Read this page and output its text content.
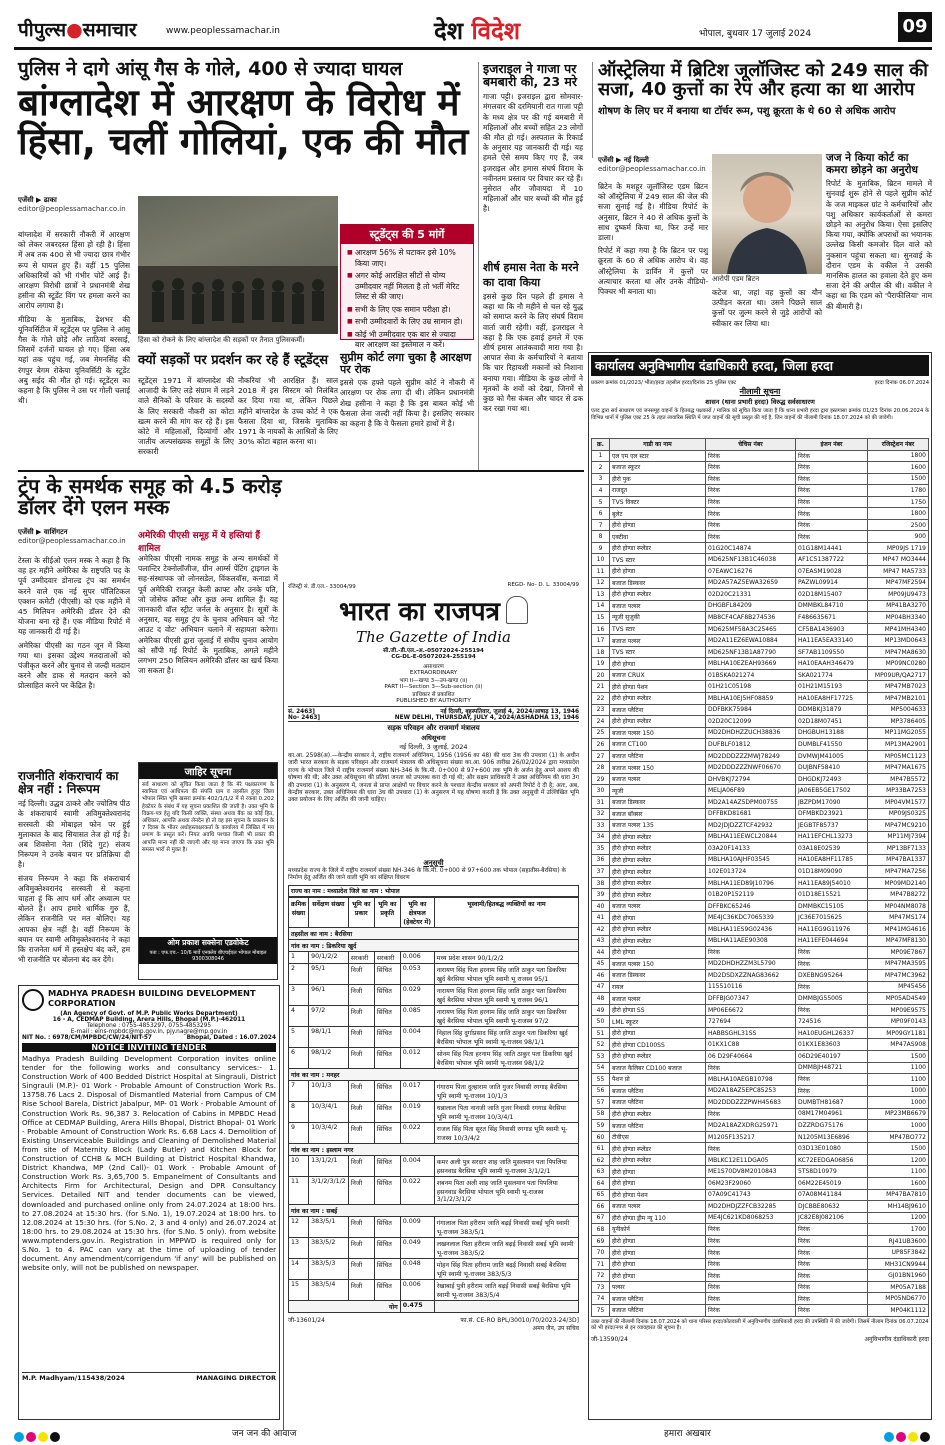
पीपुल्स●समाचार	www.peoplessamachar.in	देश विदेश	भोपाल, बुधवार 17 जुलाई 2024	09
पुलिस ने दागे आंसू गैस के गोले, 400 से ज्यादा घायल
बांग्लादेश में आरक्षण के विरोध में हिंसा, चलीं गोलियां, एक की मौत
एजेंसी ▶ ढाका
editor@peoplessamachar.co.in
हिंसा को रोकने के लिए बांग्लादेश की सड़कों पर तैनात पुलिसकर्मी।
स्टूडेंट्स की 5 मांगें
■ आरक्षण 56% से घटाकर इसे 10% किया जाए।
■ अगर कोई आरक्षित सीटों से योग्य उम्मीदवार नहीं मिलता है तो भर्ती मेरिट लिस्ट से की जाए।
■ सभी के लिए एक समान परीक्षा हो।
■ सभी उम्मीदवारों के लिए उम्र सामान हो।
■ कोई भी उम्मीदवार एक बार से ज्यादा बार आरक्षण का इस्तेमाल न करें।

बांग्लादेश में सरकारी नौकरी में आरक्षण को लेकर जबरदस्त हिंसा हो रही है। हिंसा में अब तक 400 से भी ज्यादा छात्र गंभीर रूप से घायल हुए हैं। वहीं 15 पुलिस अधिकारियों को भी गंभीर चोटें आई हैं। आरक्षण विरोधी छात्रों ने प्रधानमंत्री शेख हसीना की स्टूडेंट विंग पर हमला करने का आरोप लगाया है।

मीडिया के मुताबिक, ढेशभर की यूनिवर्सिटीज में स्टूडेंट्स पर पुलिस ने आंसू गैस के गोले छोड़े और लाठियां बरसाई, जिसमें दर्जनों घायल हो गए। हिंसा अब यहां तक पहुंच गई, जब मेमनसिंह की रंगपुर बेगम रोकेया यूनिवर्सिटी के स्टूडेंट अबु सईद की मौत हो गई। स्टूडेंट्स का कहना है कि पुलिस ने उस पर गोली चलाई थी।

क्यों सड़कों पर प्रदर्शन कर रहे हैं स्टूडेंट्स
स्टूडेंट्स 1971 में बांग्लादेश की आजादी के लिए लड़े संग्राम में लड़ने वाले सैनिकों के परिवार के सदस्यों के लिए सरकारी नौकरी का कोटा खत्म करने की मांग कर रहे हैं। इस कोटे में महिलाओं, दिव्यांगों और जातीय अल्पसंख्यक समूहों के लिए सरकारी
नौकरियां भी आरक्षित हैं। साल 2018 में इस सिस्टम को निलंबित कर दिया गया था, लेकिन पिछले महीने बांग्लादेश के उच्च कोर्ट ने एक फैसला दिया था, जिसके मुताबिक 1971 के नायकों के आश्रितों के लिए 30% कोटा बहाल करना था।
इजराइल ने गाजा पर बमबारी की, 23 मरे
गाजा पट्टी। इजराइल द्वारा सोमवार-मंगलवार की दरमियानी रात गाजा पट्टी के मध्य क्षेत्र पर की गई बमबारी में महिलाओं और बच्चों सहित 23 लोगों की मौत हो गई। अस्पताल के रिकार्ड के अनुसार यह जानकारी दी गई। यह हमले ऐसे समय किए गए हैं, जब इजराइल और हमास संघर्ष विराम के नवीनतम प्रस्ताव पर विचार कर रहे हैं। नुसेरात और जौवायदा में 10 महिलाओं और चार बच्चों की मौत हुई है।
शीर्ष हमास नेता के मरने का दावा किया
इससे कुछ दिन पहले ही हमास ने कहा था कि नौ महीने से चल रहे युद्ध को समाप्त करने के लिए संघर्ष विराम वार्ता जारी रहेगी। वहीं, इजराइल ने कहा है कि एक हवाई हमले में एक शीर्ष हमास आतंकवादी मारा गया है। आपात सेवा के कर्मचारियों ने बताया कि चार रिहायशी मकानों को निशाना बनाया गया। मीडिया के कुछ लोगों ने मृतकों के शवों को देखा, जिनमें से कुछ को गैस कंबल और चादर से ढक कर रखा गया था।
सुप्रीम कोर्ट लगा चुका है आरक्षण पर रोक
इससे एक हफ्ते पहले सुप्रीम कोर्ट ने नौकरी में आरक्षण पर रोक लगा दी थी। लेकिन प्रधानमंत्री शेख हसीना ने कहा है कि इस बाबत कोई भी फैसला लेना जल्दी नहीं किया है। इसलिए सरकार का कहना है कि वे फैसला हमारे हाथों में है।
ऑस्ट्रेलिया में ब्रिटिश जूलॉजिस्ट को 249 साल की सजा, 40 कुत्तों का रेप और हत्या का था आरोप
शोषण के लिए घर में बनाया था टॉर्चर रूम, पशु क्रूरता के थे 60 से अधिक आरोप
एजेंसी ▶ नई दिल्ली
editor@peoplessamachar.co.in
आरोपी एडम ब्रिटन

ब्रिटेन के मशहूर जूलॉजिस्ट एडम ब्रिटन को ऑस्ट्रेलिया में 249 साल की जेल की सजा सुनाई गई है। मीडिया रिपोर्ट के अनुसार, ब्रिटन ने 40 से अधिक कुत्तों के साथ दुष्कर्म किया था, फिर उन्हें मार डाला।

रिपोर्ट में कहा गया है कि ब्रिटन पर पशु क्रूरता के 60 से अधिक आरोप थे। वह ऑस्ट्रेलिया के डार्विन में कुत्तों पर अत्याचार करता था और उनके वीडियो-पिक्चर भी बनाता था।	कटेज था, जहां वह कुत्तों का यौन उत्पीड़न करता था। उसने पिछले साल कुत्तों पर जुल्म करने से जुड़े आरोपों को स्वीकार कर लिया था।
जज ने किया कोर्ट का कमरा छोड़ने का अनुरोध
रिपोर्ट के मुताबिक, ब्रिटन मामले में सुनवाई शुरू होने से पहले सुप्रीम कोर्ट के जज माइकल ग्रांट ने कर्मचारियों और पशु अधिकार कार्यकर्ताओं से कमरा छोड़ने का अनुरोध किया। ऐसा इसलिए किया गया, क्योंकि अपराधों का भयानक उल्लेख किसी कमजोर दिल वाले को नुकसान पहुंचा सकता था। सुनवाई के दौरान एडम के वकील ने उसकी मानसिक हालत का हवाला देते हुए कम सजा देने की अपील की थी। वकील ने कहा था कि एडम को 'पैराफीलिया' नाम की बीमारी है।
ट्रंप के समर्थक समूह को 4.5 करोड़ डॉलर देंगे एलन मस्क
एजेंसी ▶ वाशिंगटन
editor@peoplessamachar.co.in

टेस्ला के सीईओ एलन मस्क ने कहा है कि वह हर महीने अमेरिका के राष्ट्रपति पद के पूर्व उम्मीदवार डोनाल्ड ट्रंप का समर्थन करने वाले एक नई सुपर पॉलिटिकल एक्शन कमेटी (पीएसी) को एक महीने में 45 मिलियन अमेरिकी डॉलर देने की योजना बना रहे हैं। एक मीडिया रिपोर्ट में यह जानकारी दी गई है।

अमेरिका पीएसी का गठन जून में किया गया था। इसका उद्देश्य मतदाताओं को पंजीकृत करने और चुनाव से जल्दी मतदान करने और डाक से मतदान करने को प्रोत्साहित करने पर केंद्रित है।

अमेरिकी पीएसी समूह में ये हस्तियां हैं शामिल
अमेरिका पीएसी नामक समूह के अन्य समर्थकों में पलान्टिर टेक्नोलॉजीज, ग्रीन आर्म्स पेंटिंग ट्राइगल के सह-संस्थापक जो लोनसडेल, विंकलवॉस, कनाडा में पूर्व अमेरिकी राजदूत केली क्राफ्ट और उनके पति, जो जोसेफ क्रॉफ्ट और कुछ अन्य शामिल हैं। यह जानकारी वॉल स्ट्रीट जर्नल के अनुसार है। सूत्रों के अनुसार, यह समूह ट्रंप के चुनाव अभियान को 'गेट आउट द वोट' अभियान चलाने में सहायता करेगा। अमेरिका पीएसी द्वारा जुलाई में संघीय चुनाव आयोग को सौंपी गई रिपोर्ट के मुताबिक, अगले महीने लगभग 250 मिलियन अमेरिकी डॉलर का खर्च किया जा सकता है।
राजनीति शंकराचार्य का क्षेत्र नहीं : निरूपम

नई दिल्ली। उद्धव ठाकरे और ज्योतिष पीठ के शंकराचार्य स्वामी अविमुक्तेश्वरानंद सरस्वती की मोबाइल फोन पर हुई मुलाकात के बाद सियासत तेज हो गई है। अब शिवसेना नेता (शिंदे गुट) संजय निरूपम ने उनके बयान पर प्रतिक्रिया दी है।

संजय निरूपम ने कहा कि शंकराचार्य अविमुक्तेश्वरानंद सरस्वती से कहना चाहता हूं कि आप धर्म और अध्यात्म पर बोलते हैं। आप हमारे धार्मिक गुरु हैं, लेकिन राजनीति पर मत बोलिए। यह आपका क्षेत्र नहीं है। वहीं निरूपम के बयान पर स्वामी अविमुक्तेश्वरानंद ने कहा कि राजनेता धर्म में हस्तक्षेप बंद करें, हम भी राजनीति पर बोलना बंद कर देंगे।

जाहिर सूचना
सर्व साधारण को सूचित किया जाता है कि मेरे पक्षकारगण के स्वामित्व एवं आधिपत्य की संपत्ति ग्राम व तहसील हुजूर जिला भोपाल स्थित भूमि खसरा क्रमांक 402/1/1/2 में से रकबा 0.202 हेक्टेयर के संबंध में यह सूचना प्रकाशित की जाती है। उक्त भूमि के विक्रय-पत्र हेतु यदि किसी व्यक्ति, संस्था अथवा बैंक का कोई हित, अधिकार, आपत्ति अथवा लेनदेन हो तो वह इस सूचना के प्रकाशन के 7 दिवस के भीतर अधोहस्ताक्षरकर्ता के कार्यालय में लिखित में मय प्रमाण के प्रस्तुत करें। नियत अवधि पश्चात किसी भी प्रकार की आपत्ति मान्य नहीं की जाएगी और यह माना जाएगा कि उक्त भूमि समस्त भारों से मुक्त है।
ओम प्रकाश सक्सेना एडवोकेट
पता : एफ.एच.- 10/6 मार्वे एनक्लेव बीएचईएल भोपाल मोबाइल 9300308046
MADHYA PRADESH BUILDING DEVELOPMENT CORPORATION
(An Agency of Govt. of M.P. Public Works Department)
16 - A, CEDMAP Building, Arera Hills, Bhopal (M.P.)-462011
Telephone : 0755-4853297, 0755-4853295
E-mail : eins-mpbdc@mp.gov.in, pjy.nagre@mp.gov.in
NIT No. : 6978/CM/MPBDC/CW/24/NIT-57	Bhopal, Dated : 16.07.2024
NOTICE INVITING TENDER
Madhya Pradesh Building Development Corporation invites online tender for the following works and consultancy services:- 1. Construction Work of 400 Bedded District Hospital at Singrauli, District Singrauli (M.P.)- 01 Work - Probable Amount of Construction Work Rs. 13758.76 Lacs 2. Disposal of Dismantled Material from Campus of CM Rise School Barela, District Jabalpur, MP- 01 Work - Probable Amount of Construction Work Rs. 96,387 3. Relocation of Cabins in MPBDC Head Office at CEDMAP Building, Arera Hills Bhopal, District Bhopal- 01 Work - Probable Amount of Construction Work Rs. 6.68 Lacs 4. Demolition of Existing Unserviceable Buildings and Cleaning of Demolished Material from site of Maternity Block (Lady Butler) and Kitchen Block for Construction of CCHB & MCH Building at District Hospital Khandwa, District Khandwa, MP (2nd Call)- 01 Work - Probable Amount of Construction Work Rs. 3,65,700 5. Empanelment of Consultants and Architects Firm for Architectural, Design and DPR Consultancy Services. Detailed NIT and tender documents can be viewed, downloaded and purchased online only from 24.07.2024 at 18:00 hrs. to 27.08.2024 at 15:30 hrs. (for S.No. 1), 19.07.2024 at 18:00 hrs. to 12.08.2024 at 15:30 hrs. (for S.No. 2, 3 and 4 only) and 26.07.2024 at 18:00 hrs. to 29.08.2024 at 15:30 hrs. (for S.No. 5 only). from website www.mptenders.gov.in. Registration in MPPWD is required only for S.No. 1 to 4. PAC can vary at the time of uploading of tender document. Any amendment/corrigendum 'if any' will be published on website only, will not be published on newspaper.
M.P. Madhyam/115438/2024	MANAGING DIRECTOR
रजिस्ट्री सं. डी.एल.- 33004/99	REGD- No- D. L. 33004/99
भारत का राजपत्र
The Gazette of India
सी.जी.-डी.एल.-अ.-05072024-255194
CG-DL-E-05072024-255194
असाधारण
EXTRAORDINARY
भाग II—खण्ड 3—उप-खण्ड (ii)
PART II—Section 3—Sub-section (ii)
प्राधिकार से प्रकाशित
PUBLISHED BY AUTHORITY
सं. 2463]	नई दिल्ली, बृहस्पतिवार, जुलाई 4, 2024/आषाढ़ 13, 1946
No- 2463]	NEW DELHI, THURSDAY, JULY 4, 2024/ASHADHA 13, 1946
सड़क परिवहन और राजमार्ग मंत्रालय
अधिसूचना
नई दिल्ली, 3 जुलाई, 2024
का.आ. 2598(अ).—केन्द्रीय सरकार ने, राष्ट्रीय राजमार्ग अधिनियम, 1956 (1956 का 48) की धारा 3क की उपधारा (1) के अधीन जारी भारत सरकार के सड़क परिवहन और राजमार्ग मंत्रालय की अधिसूचना संख्या का.आ. 906 तारीख 26/02/2024 द्वारा मध्यप्रदेश राज्य के भोपाल जिले में राष्ट्रीय राजमार्ग संख्या NH-346 के कि.मी. 0+000 से 97+600 तक भूमि के अर्जन हेतु अपने आशय की घोषणा की थी; और उक्त अधिसूचना की प्रतियां जनता को उपलब्ध करा दी गई थी; और सक्षम प्राधिकारी ने उक्त अधिनियम की धारा 3ग की उपधारा (1) के अनुसरण में, जनता से प्राप्त आक्षेपों पर विचार करने के पश्चात केन्द्रीय सरकार को अपनी रिपोर्ट दे दी है; अतः, अब, केन्द्रीय सरकार, उक्त अधिनियम की धारा 3घ की उपधारा (1) के अनुसरण में यह घोषणा करती है कि उक्त अनुसूची में उल्लिखित भूमि उक्त प्रयोजन के लिए अर्जित की जानी चाहिए।
अनुसूची
मध्यप्रदेश राज्य के जिले में राष्ट्रीय राजमार्ग संख्या NH-346 के कि.मी. 0+000 से 97+600 तक भोपाल (सहातीस-बैरसिया) के निर्माण हेतु अर्जित की जाने वाली भूमि का संक्षिप्त विवरण
राज्य का नाम : मध्यप्रदेश जिले का नाम : भोपाल
क्रमिक संख्या	सर्वेक्षण संख्या	भूमि का प्रकार	भूमि का प्रकृति	भूमि का क्षेत्रफल (हेक्टेयर में)	भूस्वामी/हितबद्ध व्यक्तियों का नाम
तहसील का नाम : बैरसिया					
गांव का नाम : डिकरिया खुर्द					
1	90/1/2/2	सरकारी	सरकारी	0.006	मध्य प्रदेश शासन 90/1/2/2
2	95/1	निजी	सिंचित	0.053	नारायण सिंह पिता हरनाम सिंह जाति ठाकुर पता डिकरिया खुर्द बैरसिया भोपाल भूमि स्वामी भू राजस्व 95/1
3	96/1	निजी	सिंचित	0.029	नारायण सिंह पिता हरनाम सिंह जाति ठाकुर पता डिकरिया खुर्द बैरसिया भोपाल भूमि स्वामी भू राजस्व 96/1
4	97/2	निजी	सिंचित	0.085	नारायण सिंह पिता हरनाम सिंह जाति ठाकुर पता डिकरिया खुर्द बैरसिया भोपाल भूमि स्वामी भू-राजस्व 97/2
5	98/1/1	निजी	सिंचित	0.004	निहाल सिंह दुर्गाप्रसाद सिंह जाति ठाकुर पता डिकरिया खुर्द बैरसिया भोपाल भूमि स्वामी भू-राजस्व 98/1/1
6	98/1/2	निजी	सिंचित	0.012	सोनम सिंह पिता हरनाम सिंह जाति ठाकुर पता डिकरिया खुर्द बैरसिया भोपाल भूमि स्वामी भू-राजस्व 98/1/2
गांव का नाम : मनहर					
7	10/1/3	निजी	सिंचित	0.017	गंगाराम पिता दुल्हाराम जाति गुजर निवासी रगगाइ बैरसिया भूमि स्वामी भू-राजस्व 10/1/3
8	10/3/4/1	निजी	सिंचित	0.019	धन्नालाल पिता नानजी जाति गुजर निवासी रगगाड बैरसिया भूमि स्वामी भू-राजस्व 10/3/4/1
9	10/3/4/2	निजी	सिंचित	0.022	राजल सिंह पिता सूरत सिंह निवासी रगगाड भूमि स्वामी भू-राजस्व 10/3/4/2
गांव का नाम : इस्लाम नगर					
10	13/1/2/1	निजी	सिंचित	0.004	कमर अली पुत्र सरदार शाह जाति मुसलमान पता पिपलिया हसनवाड बैरसिया भूमि स्वामी भू-राजस्व 3/1/2/1
11	3/1/2/3/1/2	निजी	सिंचित	0.022	शबनम पिता अली शाह जाति मुसलमान पता पिपलिया हसनवाड बैरसिया भोपाल भूमि स्वामी भू-राजस्व 3/1/2/3/1/2
गांव का नाम : सबई					
12	383/5/1	निजी	सिंचित	0.009	गंगालाल पिता हरीराम जाति बढ़ई निवासी सबई भूमि स्वामी भू-राजस्व 383/5/1
13	383/5/2	निजी	सिंचित	0.049	लखनलाल पिता हरीराम जाति बढ़ई निवासी सबई भूमि स्वामी भू-राजस्व 383/5/2
14	383/5/3	निजी	सिंचित	0.048	मोहन सिंह पिता हरीराम जाति बढ़ई निवासी सबई बैरसिया भूमि स्वामी भू-राजस्व 383/5/3
15	383/5/4	निजी	सिंचित	0.006	रेखाबाई पुत्री हरीराम जाति बढ़ई निवासी सबई बैरसिया भूमि स्वामी भू-राजस्व 383/5/4
योग				0.475	
जी-13601/24	फा.सं. CE-RO BPL/30010/70/2023-24/3D]
अमय जैन, उप सचिव
कार्यालय अनुविभागीय दंडाधिकारी हरदा, जिला हरदा
प्रकरण क्रमांक 01/2023/ भीता/हरदा तहसील हरदा/दिनांक 25 पुलिस एक्ट	हरदा दिनांक 06.07.2024
नीलामी सूचना
शासन (थाना प्रभारी हरदा) विरुद्ध सर्वसाधारण
एतद द्वारा सर्व साधारण एवं जनसमूह वाहनों के हितबद्ध पक्षकारों / मालिक को सूचित किया जाता है कि थाना प्रभारी हरदा द्वारा इस्तगासा क्रमांक 01/23 दिनांक 20.06.2024 के विभिन्न थानों में पुलिस एक्ट 25 के तहत लावारिस स्थिति में जप्त वाहनों की सूची प्रस्तुत की गई है, जिन वाहनों की नीलामी दिनांक 18.07.2024 को की जावेगी।
क्र.	गाडी का नाम	चेचिस नंबर	इंजन नंबर	रजिस्ट्रेशन नंबर
1	एल एम एल स्टार	निरंक	निरंक	1800
2	बजाज स्कूटर	निरंक	निरंक	1600
3	हीरो पुक	निरंक	निरंक	1500
4	राजदूत	निरंक	निरंक	1780
5	TVS विक्टर	निरंक	निरंक	1750
6	बुलेट	निरंक	निरंक	1800
7	हीरो होण्डा	निरंक	निरंक	2500
8	एक्टीवा	निरंक	निरंक	900
9	हीरो होण्डा स्प्लेंडर	01G20C14874	01G18M14441	MP09JS 1719
10	TVS स्टार	MD625NF13B1C46038	AF1C51387722	MP47 MO3444
11	हीरो होण्डा	07EAWC16276	07EASM19028	MP47 MA5733
12	बजाज डिस्कवर	MD2A57AZ5EWA32659	PAZWL09914	MP47MF2594
13	हीरो होण्डा स्प्लेंडर	02D20C21331	02D18M15407	MP09JU9473
14	बजाज पल्सर	DHGBFL84209	DMMBKL84710	MP41BA3270
15	न्यूजी सुजुकी	MB8CF4CAF8B274536	F486635671	MP04BH3340
16	TVS स्टार	MD625MF58A3C25465	CF5BA1436903	MP41MH4340
17	बजाज पल्सर	MD2A11EZ6EWA10884	HA11EA5EA33140	MP13MD0643
18	TVS स्टार	MD625NF13B1A87790	SF7AB1109550	MP47MA8630
19	हीरो होण्डा	MBLHA10EZEAH93669	HA10EAAH346479	MP09NC0280
20	बजाज CRUX	01BSKA021274	SKA021774	MP09UR/QA2717
21	हीरो होण्डा पेशन	01H21C05198	01H21M15193	MP47MB7023
22	हीरो होण्डा स्प्लेंडर	MBLHA10EJ5HF08859	HA10EA8HF17725	MP47MB2101
23	बजाज प्लैटिना	DDFBKK75984	DDMBKJ31879	MP5004633
24	हीरो होण्डा स्प्लेंडर	02D20C12099	02D18M07451	MP3786405
25	बजाज पल्सर 150	MD2DHDHZZUCH38836	DHGBUH13188	MP11MG2055
26	बजाज CT100	DUFBLF01812	DUMBLF41550	MP13MA2901
27	बजाज प्लैटिना	MD2DDDZZZMWJ78249	DVMWJM41005	MP05MC1123
28	बजाज पल्सर 150	MD2DDDZZZNWF06670	DUJBNF58410	MP47MA1675
29	बजाज पल्सर	DHVBKJ72794	DHGDKJ72493	MP47B5572
30	न्यूजी	MELJA06F89	JA06EB5GE17502	MP33BA7253
31	बजाज डिस्कवर	MD2A14AZ5DPM00755	JBZPDM17090	MP04VM1577
32	बजाज बॉक्सर	DFFBKD81681	DFMBKD23921	MP09JS0325
33	बजाज पल्सर 135	MD2JDJDZZTCF42932	JEGBTF85737	MP47MC9210
34	हीरो होण्डा स्प्लेंडर	MBLHA11EEWCL20844	HA11EFCHL13273	MP11MJ7394
35	हीरो होण्डा स्प्लेंडर	03A20F14133	03A18E02539	MP13BF7133
36	हीरो होण्डा स्प्लेंडर	MBLHA10AJHF03545	HA10EA8HF11785	MP47BA1337
37	हीरो होण्डा स्प्लेंडर	102E013724	01D18M09090	MP47MA7256
38	हीरो होण्डा स्प्लेंडर	MBLHA11ED89J10796	HA11EA89J54010	MP09MD2140
39	हीरो होण्डा स्प्लेंडर	01B20P152119	01D18E15521	MP47B8272
40	बजाज पल्सर	DFFBKC65246	DMMBKC15105	MP04NM8078
41	हीरो होण्डा	ME4JC36KDC7065339	JC36E7015625	MP47MS174
42	हीरो होण्डा स्प्लेंडर	MBLHA11ES9G02436	HA11EG9G11976	MP41MG4616
43	हीरो होण्डा स्प्लेंडर	MBLHA11AEE90308	HA11EFE044694	MP47MF8130
44	हीरो होण्डा	निरंक	निरंक	MP09E7867
45	बजाज पल्सर 150	MD2DHDHZZM3L5790	निरंक	MP47MA3595
46	बजाज डिस्कवर	MD2DSDXZZNAG83662	DXEBNG95264	MP47MC3962
47	रायल	115510116	निरंक	MP45456
48	बजाज पल्सर	DFFBJG07347	DMMBJG55005	MP05AD4549
49	हीरो होण्डा SS	MP06E6672	निरंक	MP09E9575
50	LML स्कूटर	727694	724516	MP09F0143
51	हीरो होण्डा	HABBSGHL31SS	HA10EUGHL26337	MP09GY1181
52	हीरो होण्डा CD100SS	01KX1C88	01KX1E83603	MP47AS908
53	हीरो होण्डा स्प्लेंडर	06 D29F40664	06D29E40197	1500
54	बजाज कैलिबर CD100 बजाज	निरंक	DMMBJH48721	1100
55	पैशन प्रो	MBLHA10AEGB10798	निरंक	1100
56	बजाज प्लैटिना	MD2A18AZ5EPC85253	निरंक	1000
57	बजाज प्लैटिना	MD2DDDZZZPWH45683	DUMBTH81687	1000
58	हीरो होण्डा स्प्लेंडर	निरंक	08M17M04961	MP23MB6679
59	बजाज प्लैटिना	MD2A18AZXDRG25971	DZZRDG75176	1000
60	टीवीएस	M1205F135217	N1205M13E6896	MP47BO772
61	हीरो होण्डा स्प्लेंडर	निरंक	03D13E01080	1500
62	हीरो होण्डा स्प्लेंडर	MBLKC12E11DGA05	KC72EEDGA06856	1200
63	हीरो होण्डा	ME1S70DV8M2010843	5TS8D10979	1100
64	हीरो होण्डा	06M23F29060	06M22E45019	1600
65	हीरो होण्डा पेशन	07A09C41743	07A08M41184	MP47BA7810
66	बजाज पल्सर	MD2DHDJZZFCB32285	DJCBBE80632	MH14BJ9610
67	हीरो होण्डा ड्रीम न्यू 110	ME4JC621KD8068253	JC82E8J082106	1200
68	यूनीकोर्न	निरंक	निरंक	1700
69	हीरो होण्डा	निरंक	निरंक	RJ41UB3600
70	हीरो होण्डा	निरंक	निरंक	UP85F3842
71	हीरो होण्डा	निरंक	निरंक	MH31CN9944
72	हीरो होण्डा	निरंक	निरंक	GJ01BN1960
73	पल्सर	निरंक	निरंक	MP05A7188
74	बजाज प्लैटिना	निरंक	निरंक	MP05ND6770
75	बजाज प्लैटिना	निरंक	निरंक	MP04K1112
उक्त वाहनों की नीलामी दिनांक 18.07.2024 को थाना परिसर हरदा/कोतवाली में अनुविभागीय दंडाधिकारी हरदा की उपस्थिति में की जावेगी। जिसमें नीलाम दिनांक 06.07.2024 को भी हरदा/नगर से इन व्यावहारत की सूचना है।
जी-13590/24	अनुविभागीय दंडाधिकारी हरदा
जन जन की आवाज	हमारा अखबार
